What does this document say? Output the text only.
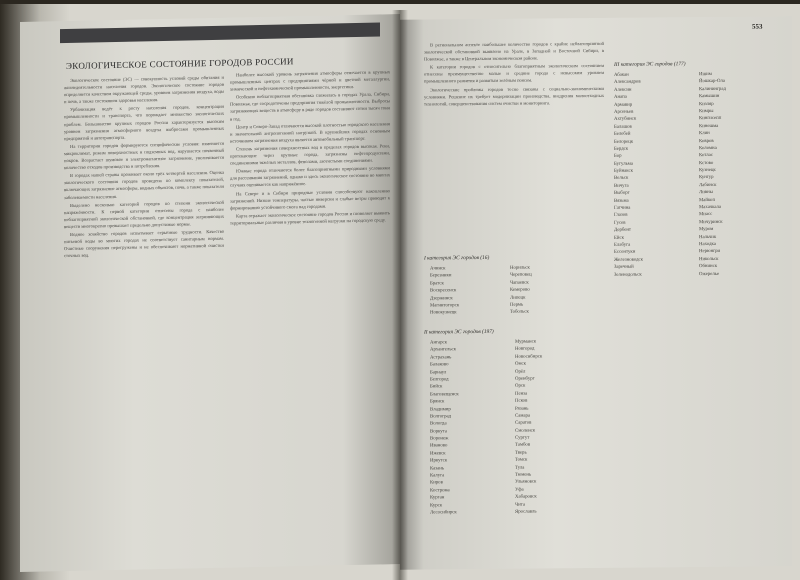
ЭКОЛОГИЧЕСКОЕ СОСТОЯНИЕ ГОРОДОВ РОССИИ

Экологическое состояние (ЭС) — совокупность условий среды обитания и жизнедеятельности населения городов. Экологическое состояние городов определяется качеством окружающей среды, уровнем загрязнения воздуха, воды и почв, а также состоянием здоровья населения.

Урбанизация ведёт к росту населения городов, концентрации промышленности и транспорта, что порождает множество экологических проблем. Большинство крупных городов России характеризуется высоким уровнем загрязнения атмосферного воздуха выбросами промышленных предприятий и автотранспорта.

На территории городов формируются специфические условия: изменяется микроклимат, режим поверхностных и подземных вод, нарушается почвенный покров. Возрастает шумовое и электромагнитное загрязнение, увеличивается количество отходов производства и потребления.

В городах нашей страны проживает около трёх четвертей населения. Оценка экологического состояния городов проведена по комплексу показателей, включающих загрязнение атмосферы, водных объектов, почв, а также показатели заболеваемости населения.

Выделено несколько категорий городов по степени экологической напряжённости. К первой категории отнесены города с наиболее неблагоприятной экологической обстановкой, где концентрация загрязняющих веществ многократно превышает предельно допустимые нормы.

Водное хозяйство городов испытывает серьёзные трудности. Качество питьевой воды во многих городах не соответствует санитарным нормам. Очистные сооружения перегружены и не обеспечивают нормативной очистки сточных вод.

Наиболее высокий уровень загрязнения атмосферы отмечается в крупных промышленных центрах с предприятиями чёрной и цветной металлургии, химической и нефтехимической промышленности, энергетики.

Особенно неблагоприятная обстановка сложилась в городах Урала, Сибири, Поволжья, где сосредоточены предприятия тяжёлой промышленности. Выбросы загрязняющих веществ в атмосферу в ряде городов составляют сотни тысяч тонн в год.

Центр и Северо-Запад отличаются высокой плотностью городского населения и значительной антропогенной нагрузкой. В крупнейших городах основным источником загрязнения воздуха является автомобильный транспорт.

Степень загрязнения поверхностных вод в пределах городов высокая. Реки, протекающие через крупные города, загрязнены нефтепродуктами, соединениями тяжёлых металлов, фенолами, азотистыми соединениями.

Южные города отличаются более благоприятными природными условиями для рассеивания загрязнений, однако и здесь экологическое состояние во многих случаях оценивается как напряжённое.

На Севере и в Сибири природные условия способствуют накоплению загрязнений. Низкие температуры, частые инверсии и слабые ветры приводят к формированию устойчивого смога над городами.

Карта отражает экологическое состояние городов России и позволяет выявить территориальные различия в уровне техногенной нагрузки на городскую среду.

553

В региональном аспекте наибольшее количество городов с крайне неблагоприятной экологической обстановкой выявлено на Урале, в Западной и Восточной Сибири, в Поволжье, а также в Центральном экономическом районе.

К категории городов с относительно благоприятным экологическим состоянием отнесены преимущественно малые и средние города с невысоким уровнем промышленного развития и развитым зелёным поясом.

Экологические проблемы городов тесно связаны с социально-экономическими условиями. Решение их требует модернизации производства, внедрения малоотходных технологий, совершенствования систем очистки и мониторинга.

I категория ЭС городов (16)
Ачинск
Березники
Братск
Воскресенск
Дзержинск
Магнитогорск
Новокузнецк
Норильск
Череповец
Чапаевск
Кемерово
Липецк
Пермь
Тобольск
II категория ЭС городов (197)
Ангарск
Архангельск
Астрахань
Балаково
Барнаул
Белгород
Бийск
Благовещенск
Брянск
Владимир
Волгоград
Вологда
Воркута
Воронеж
Иваново
Ижевск
Иркутск
Казань
Калуга
Киров
Кострома
Курган
Курск
Лесосибирск
Мурманск
Новгород
Новосибирск
Омск
Орёл
Оренбург
Орск
Пенза
Псков
Рязань
Самара
Саратов
Смоленск
Сургут
Тамбов
Тверь
Томск
Тула
Тюмень
Ульяновск
Уфа
Хабаровск
Чита
Ярославль
III категория ЭС городов (177)
Абакан
Александров
Алексин
Анапа
Армавир
Арсеньев
Ахтубинск
Балашов
Белебей
Белорецк
Бердск
Бор
Бугульма
Буйнакск
Вельск
Вичуга
Выборг
Вязьма
Гатчина
Глазов
Гусев
Дербент
Ейск
Елабуга
Ессентуки
Железноводск
Заречный
Зеленодольск
Ишим
Йошкар-Ола
Калининград
Камышин
Кизляр
Кимры
Кингисепп
Кинешма
Клин
Ковров
Коломна
Котлас
Кстово
Кузнецк
Кунгур
Лабинск
Ливны
Майкоп
Махачкала
Миасс
Мичуринск
Муром
Нальчик
Находка
Нерюнгри
Никольск
Обнинск
Ожерелье
